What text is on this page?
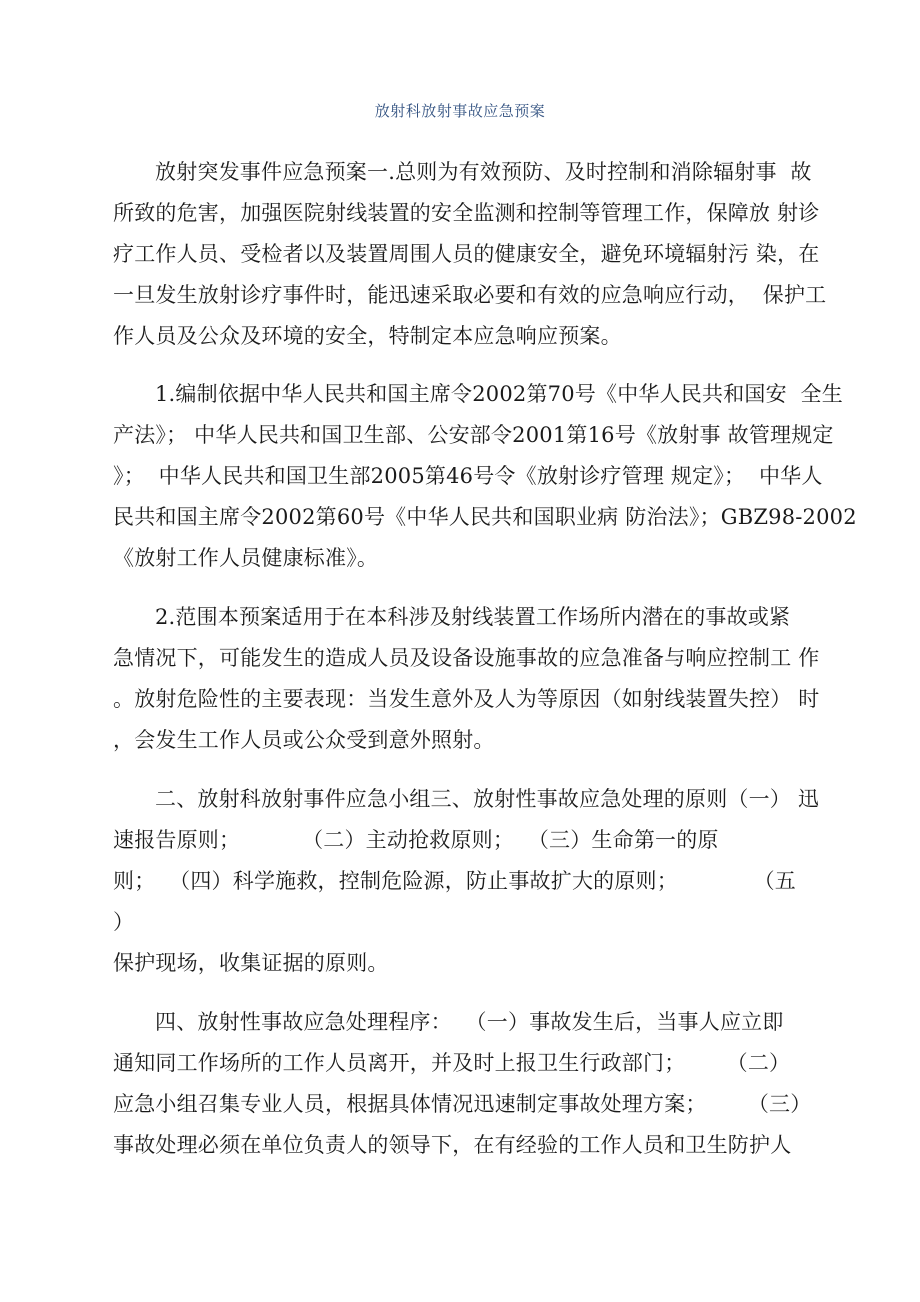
放射科放射事故应急预案
放射突发事件应急预案一.总则为有效预防、及时控制和消除辐射事  故
所致的危害，加强医院射线装置的安全监测和控制等管理工作，保障放 射诊
疗工作人员、受检者以及装置周围人员的健康安全，避免环境辐射污 染，在
一旦发生放射诊疗事件时，能迅速采取必要和有效的应急响应行动，  保护工
作人员及公众及环境的安全，特制定本应急响应预案。
1.编制依据中华人民共和国主席令2002第70号《中华人民共和国安  全生
产法》； 中华人民共和国卫生部、公安部令2001第16号《放射事 故管理规定
》；  中华人民共和国卫生部2005第46号令《放射诊疗管理 规定》；  中华人
民共和国主席令2002第60号《中华人民共和国职业病 防治法》；GBZ98-2002
《放射工作人员健康标准》。
2.范围本预案适用于在本科涉及射线装置工作场所内潜在的事故或紧
急情况下，可能发生的造成人员及设备设施事故的应急准备与响应控制工 作
。放射危险性的主要表现：当发生意外及人为等原因（如射线装置失控） 时
，会发生工作人员或公众受到意外照射。
二、放射科放射事件应急小组三、放射性事故应急处理的原则（一） 迅
速报告原则；         （二）主动抢救原则；  （三）生命第一的原
则；  （四）科学施救，控制危险源，防止事故扩大的原则；           （五
）
保护现场，收集证据的原则。
四、放射性事故应急处理程序：  （一）事故发生后，当事人应立即
通知同工作场所的工作人员离开，并及时上报卫生行政部门；      （二）
应急小组召集专业人员，根据具体情况迅速制定事故处理方案；      （三）
事故处理必须在单位负责人的领导下，在有经验的工作人员和卫生防护人
